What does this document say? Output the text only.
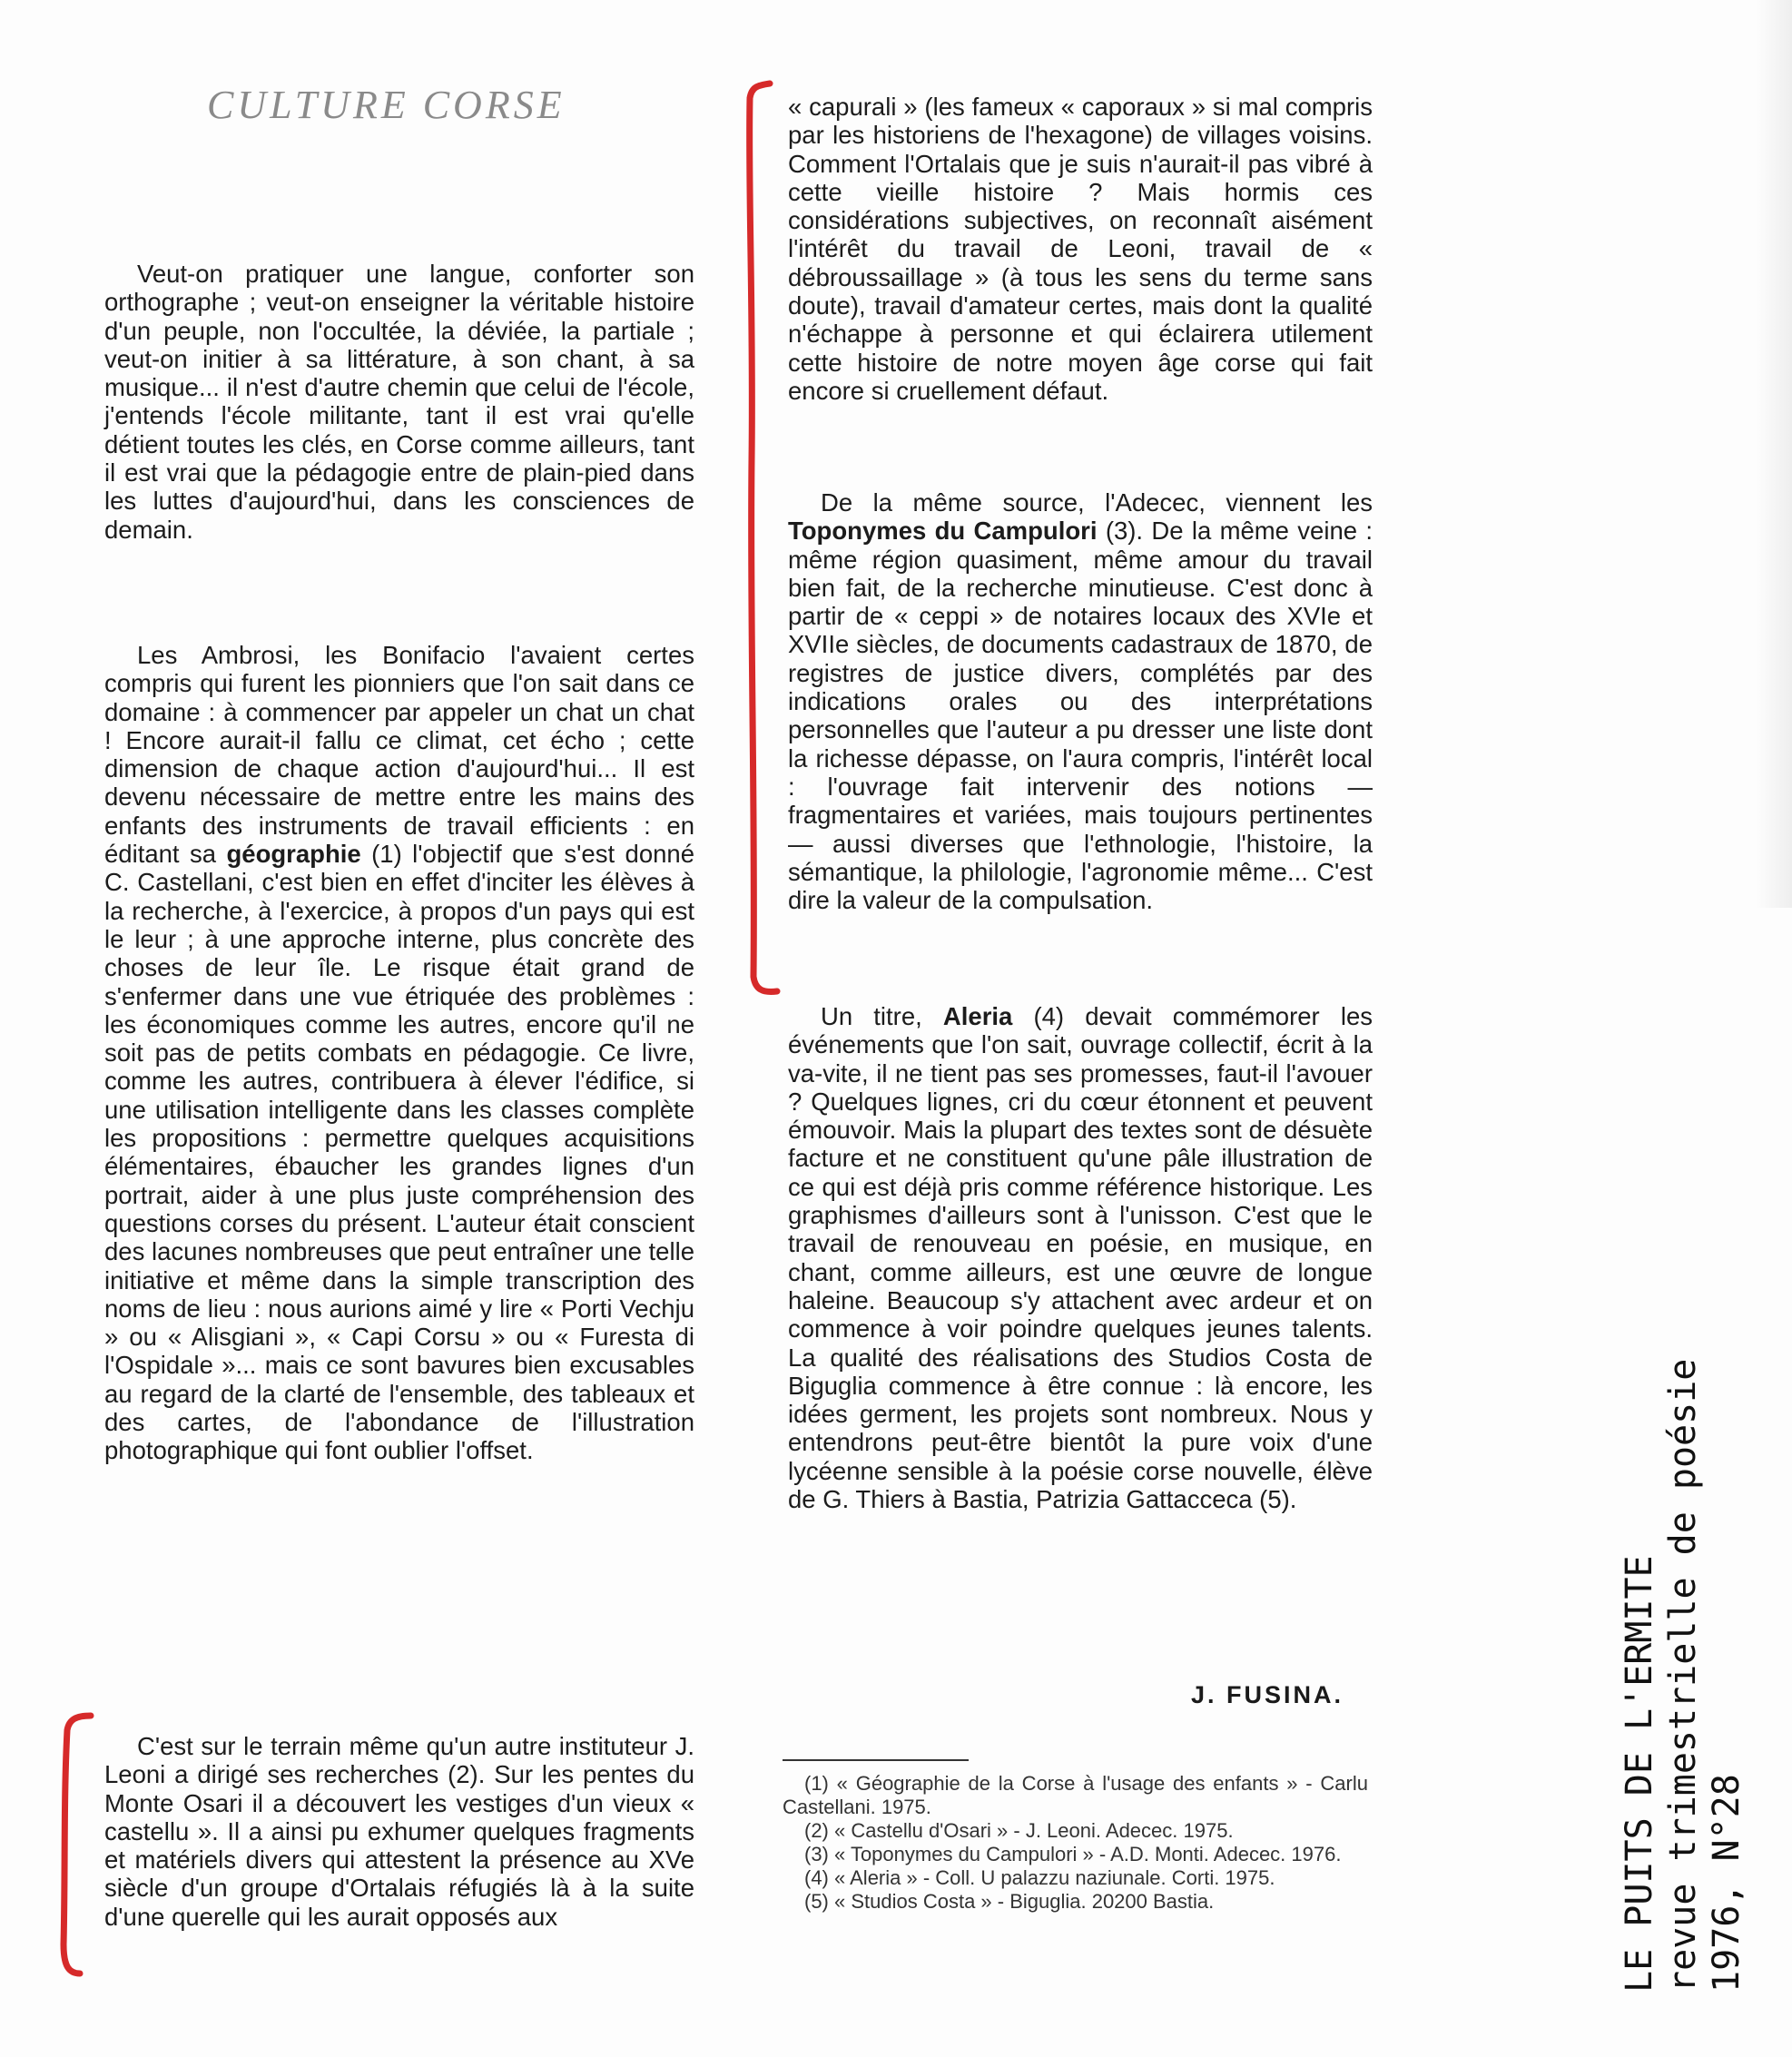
CULTURE CORSE

Veut-on pratiquer une langue, conforter son orthographe ; veut-on enseigner la véritable histoire d'un peuple, non l'occultée, la déviée, la partiale ; veut-on initier à sa littérature, à son chant, à sa musique... il n'est d'autre chemin que celui de l'école, j'entends l'école militante, tant il est vrai qu'elle détient toutes les clés, en Corse comme ailleurs, tant il est vrai que la pédagogie entre de plain-pied dans les luttes d'aujourd'hui, dans les consciences de demain.

Les Ambrosi, les Bonifacio l'avaient certes compris qui furent les pionniers que l'on sait dans ce domaine : à commencer par appeler un chat un chat ! Encore aurait-il fallu ce climat, cet écho ; cette dimension de chaque action d'aujourd'hui... Il est devenu nécessaire de mettre entre les mains des enfants des instruments de travail efficients : en éditant sa géographie (1) l'objectif que s'est donné C. Castellani, c'est bien en effet d'inciter les élèves à la recherche, à l'exercice, à propos d'un pays qui est le leur ; à une approche interne, plus concrète des choses de leur île. Le risque était grand de s'enfermer dans une vue étriquée des problèmes : les économiques comme les autres, encore qu'il ne soit pas de petits combats en pédagogie. Ce livre, comme les autres, contribuera à élever l'édifice, si une utilisation intelligente dans les classes complète les propositions : permettre quelques acquisitions élémentaires, ébaucher les grandes lignes d'un portrait, aider à une plus juste compréhension des questions corses du présent. L'auteur était conscient des lacunes nombreuses que peut entraîner une telle initiative et même dans la simple transcription des noms de lieu : nous aurions aimé y lire « Porti Vechju » ou « Alisgiani », « Capi Corsu » ou « Furesta di l'Ospidale »... mais ce sont bavures bien excusables au regard de la clarté de l'ensemble, des tableaux et des cartes, de l'abondance de l'illustration photographique qui font oublier l'offset.

C'est sur le terrain même qu'un autre instituteur J. Leoni a dirigé ses recherches (2). Sur les pentes du Monte Osari il a découvert les vestiges d'un vieux « castellu ». Il a ainsi pu exhumer quelques fragments et matériels divers qui attestent la présence au XVe siècle d'un groupe d'Ortalais réfugiés là à la suite d'une querelle qui les aurait opposés aux

« capurali » (les fameux « caporaux » si mal compris par les historiens de l'hexagone) de villages voisins. Comment l'Ortalais que je suis n'aurait-il pas vibré à cette vieille histoire ? Mais hormis ces considérations subjectives, on reconnaît aisément l'intérêt du travail de Leoni, travail de « débroussaillage » (à tous les sens du terme sans doute), travail d'amateur certes, mais dont la qualité n'échappe à personne et qui éclairera utilement cette histoire de notre moyen âge corse qui fait encore si cruellement défaut.

De la même source, l'Adecec, viennent les Toponymes du Campulori (3). De la même veine : même région quasiment, même amour du travail bien fait, de la recherche minutieuse. C'est donc à partir de « ceppi » de notaires locaux des XVIe et XVIIe siècles, de documents cadastraux de 1870, de registres de justice divers, complétés par des indications orales ou des interprétations personnelles que l'auteur a pu dresser une liste dont la richesse dépasse, on l'aura compris, l'intérêt local : l'ouvrage fait intervenir des notions — fragmentaires et variées, mais toujours pertinentes — aussi diverses que l'ethnologie, l'histoire, la sémantique, la philologie, l'agronomie même... C'est dire la valeur de la compulsation.

Un titre, Aleria (4) devait commémorer les événements que l'on sait, ouvrage collectif, écrit à la va-vite, il ne tient pas ses promesses, faut-il l'avouer ? Quelques lignes, cri du cœur étonnent et peuvent émouvoir. Mais la plupart des textes sont de désuète facture et ne constituent qu'une pâle illustration de ce qui est déjà pris comme référence historique. Les graphismes d'ailleurs sont à l'unisson. C'est que le travail de renouveau en poésie, en musique, en chant, comme ailleurs, est une œuvre de longue haleine. Beaucoup s'y attachent avec ardeur et on commence à voir poindre quelques jeunes talents. La qualité des réalisations des Studios Costa de Biguglia commence à être connue : là encore, les idées germent, les projets sont nombreux. Nous y entendrons peut-être bientôt la pure voix d'une lycéenne sensible à la poésie corse nouvelle, élève de G. Thiers à Bastia, Patrizia Gattacceca (5).

J. FUSINA.
(1) « Géographie de la Corse à l'usage des enfants » - Carlu Castellani. 1975.
(2) « Castellu d'Osari » - J. Leoni. Adecec. 1975.
(3) « Toponymes du Campulori » - A.D. Monti. Adecec. 1976.
(4) « Aleria » - Coll. U palazzu naziunale. Corti. 1975.
(5) « Studios Costa » - Biguglia. 20200 Bastia.	LE PUITS DE L'ERMITE revue trimestrielle de poésie 1976, N°28
